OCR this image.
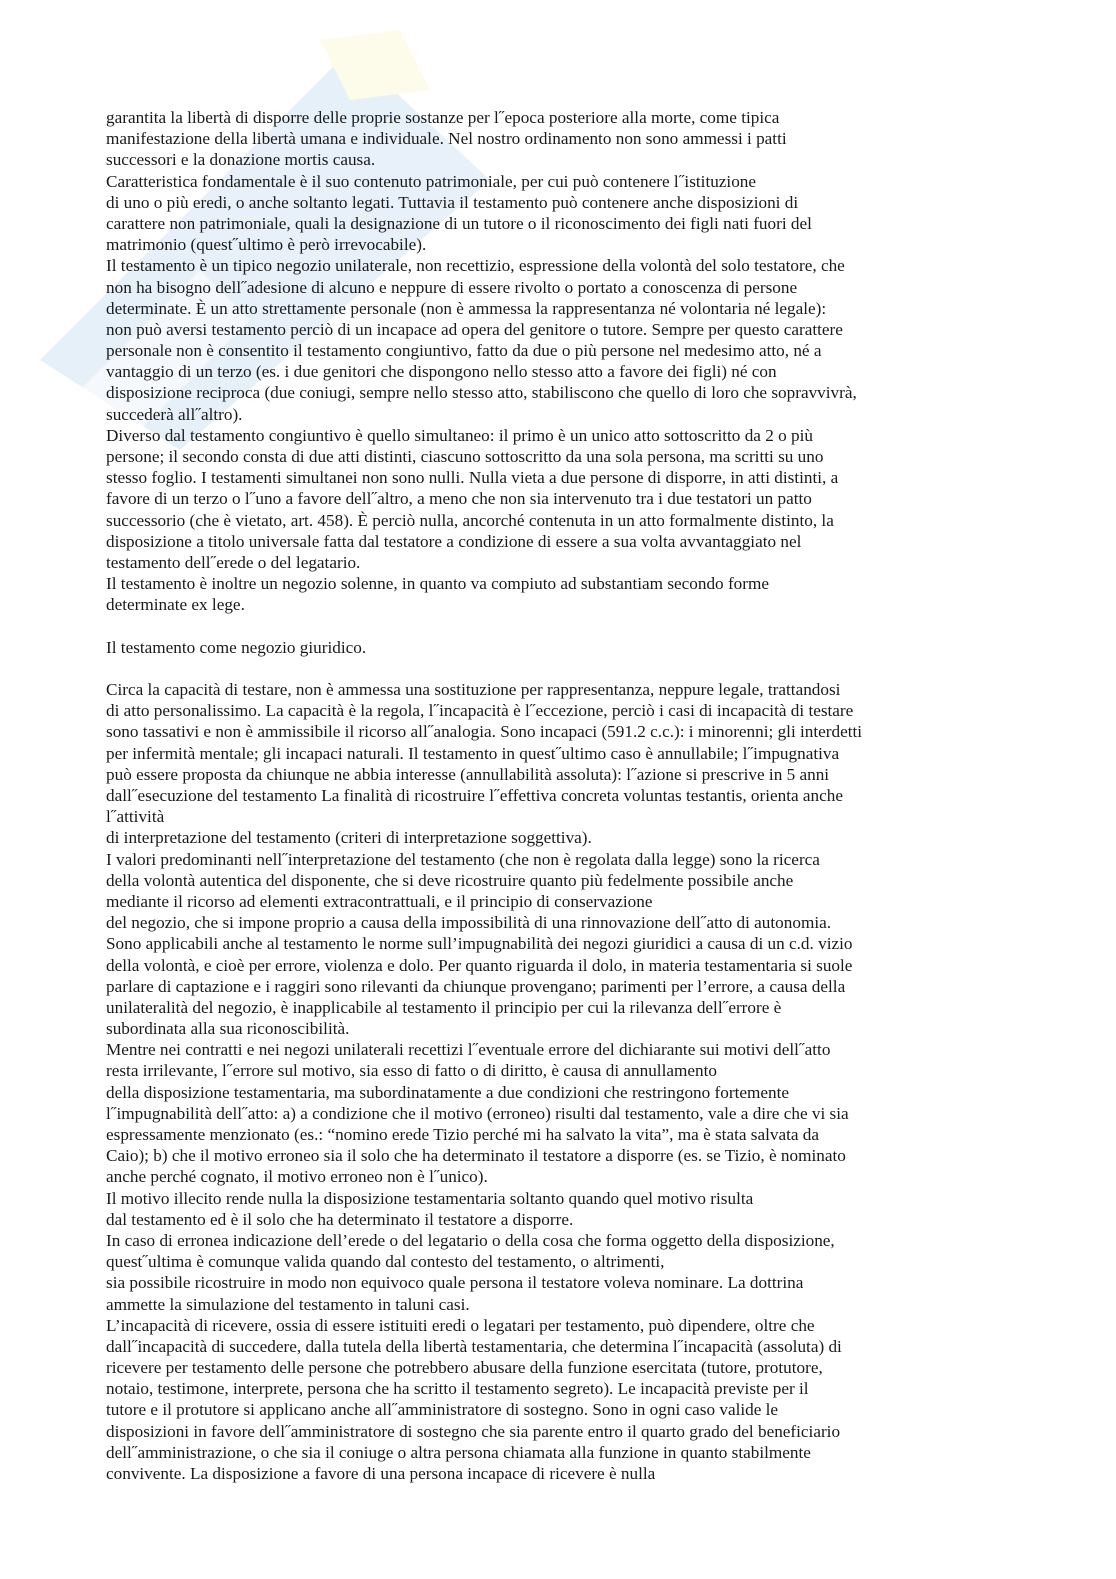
garantita la libertà di disporre delle proprie sostanze per l˝epoca posteriore alla morte, come tipica
manifestazione della libertà umana e individuale. Nel nostro ordinamento non sono ammessi i patti
successori e la donazione mortis causa.
Caratteristica fondamentale è il suo contenuto patrimoniale, per cui può contenere l˝istituzione
di uno o più eredi, o anche soltanto legati. Tuttavia il testamento può contenere anche disposizioni di
carattere non patrimoniale, quali la designazione di un tutore o il riconoscimento dei figli nati fuori del
matrimonio (quest˝ultimo è però irrevocabile).
Il testamento è un tipico negozio unilaterale, non recettizio, espressione della volontà del solo testatore, che
non ha bisogno dell˝adesione di alcuno e neppure di essere rivolto o portato a conoscenza di persone
determinate. È un atto strettamente personale (non è ammessa la rappresentanza né volontaria né legale):
non può aversi testamento perciò di un incapace ad opera del genitore o tutore. Sempre per questo carattere
personale non è consentito il testamento congiuntivo, fatto da due o più persone nel medesimo atto, né a
vantaggio di un terzo (es. i due genitori che dispongono nello stesso atto a favore dei figli) né con
disposizione reciproca (due coniugi, sempre nello stesso atto, stabiliscono che quello di loro che sopravvivrà,
succederà all˝altro).
Diverso dal testamento congiuntivo è quello simultaneo: il primo è un unico atto sottoscritto da 2 o più
persone; il secondo consta di due atti distinti, ciascuno sottoscritto da una sola persona, ma scritti su uno
stesso foglio. I testamenti simultanei non sono nulli. Nulla vieta a due persone di disporre, in atti distinti, a
favore di un terzo o l˝uno a favore dell˝altro, a meno che non sia intervenuto tra i due testatori un patto
successorio (che è vietato, art. 458). È perciò nulla, ancorché contenuta in un atto formalmente distinto, la
disposizione a titolo universale fatta dal testatore a condizione di essere a sua volta avvantaggiato nel
testamento dell˝erede o del legatario.
Il testamento è inoltre un negozio solenne, in quanto va compiuto ad substantiam secondo forme
determinate ex lege.
Il testamento come negozio giuridico.
Circa la capacità di testare, non è ammessa una sostituzione per rappresentanza, neppure legale, trattandosi
di atto personalissimo. La capacità è la regola, l˝incapacità è l˝eccezione, perciò i casi di incapacità di testare
sono tassativi e non è ammissibile il ricorso all˝analogia. Sono incapaci (591.2 c.c.): i minorenni; gli interdetti
per infermità mentale; gli incapaci naturali. Il testamento in quest˝ultimo caso è annullabile; l˝impugnativa
può essere proposta da chiunque ne abbia interesse (annullabilità assoluta): l˝azione si prescrive in 5 anni
dall˝esecuzione del testamento La finalità di ricostruire l˝effettiva concreta voluntas testantis, orienta anche
l˝attività
di interpretazione del testamento (criteri di interpretazione soggettiva).
I valori predominanti nell˝interpretazione del testamento (che non è regolata dalla legge) sono la ricerca
della volontà autentica del disponente, che si deve ricostruire quanto più fedelmente possibile anche
mediante il ricorso ad elementi extracontrattuali, e il principio di conservazione
del negozio, che si impone proprio a causa della impossibilità di una rinnovazione dell˝atto di autonomia.
Sono applicabili anche al testamento le norme sull’impugnabilità dei negozi giuridici a causa di un c.d. vizio
della volontà, e cioè per errore, violenza e dolo. Per quanto riguarda il dolo, in materia testamentaria si suole
parlare di captazione e i raggiri sono rilevanti da chiunque provengano; parimenti per l’errore, a causa della
unilateralità del negozio, è inapplicabile al testamento il principio per cui la rilevanza dell˝errore è
subordinata alla sua riconoscibilità.
Mentre nei contratti e nei negozi unilaterali recettizi l˝eventuale errore del dichiarante sui motivi dell˝atto
resta irrilevante, l˝errore sul motivo, sia esso di fatto o di diritto, è causa di annullamento
della disposizione testamentaria, ma subordinatamente a due condizioni che restringono fortemente
l˝impugnabilità dell˝atto: a) a condizione che il motivo (erroneo) risulti dal testamento, vale a dire che vi sia
espressamente menzionato (es.: “nomino erede Tizio perché mi ha salvato la vita”, ma è stata salvata da
Caio); b) che il motivo erroneo sia il solo che ha determinato il testatore a disporre (es. se Tizio, è nominato
anche perché cognato, il motivo erroneo non è l˝unico).
Il motivo illecito rende nulla la disposizione testamentaria soltanto quando quel motivo risulta
dal testamento ed è il solo che ha determinato il testatore a disporre.
In caso di erronea indicazione dell’erede o del legatario o della cosa che forma oggetto della disposizione,
quest˝ultima è comunque valida quando dal contesto del testamento, o altrimenti,
sia possibile ricostruire in modo non equivoco quale persona il testatore voleva nominare. La dottrina
ammette la simulazione del testamento in taluni casi.
L’incapacità di ricevere, ossia di essere istituiti eredi o legatari per testamento, può dipendere, oltre che
dall˝incapacità di succedere, dalla tutela della libertà testamentaria, che determina l˝incapacità (assoluta) di
ricevere per testamento delle persone che potrebbero abusare della funzione esercitata (tutore, protutore,
notaio, testimone, interprete, persona che ha scritto il testamento segreto). Le incapacità previste per il
tutore e il protutore si applicano anche all˝amministratore di sostegno. Sono in ogni caso valide le
disposizioni in favore dell˝amministratore di sostegno che sia parente entro il quarto grado del beneficiario
dell˝amministrazione, o che sia il coniuge o altra persona chiamata alla funzione in quanto stabilmente
convivente. La disposizione a favore di una persona incapace di ricevere è nulla
